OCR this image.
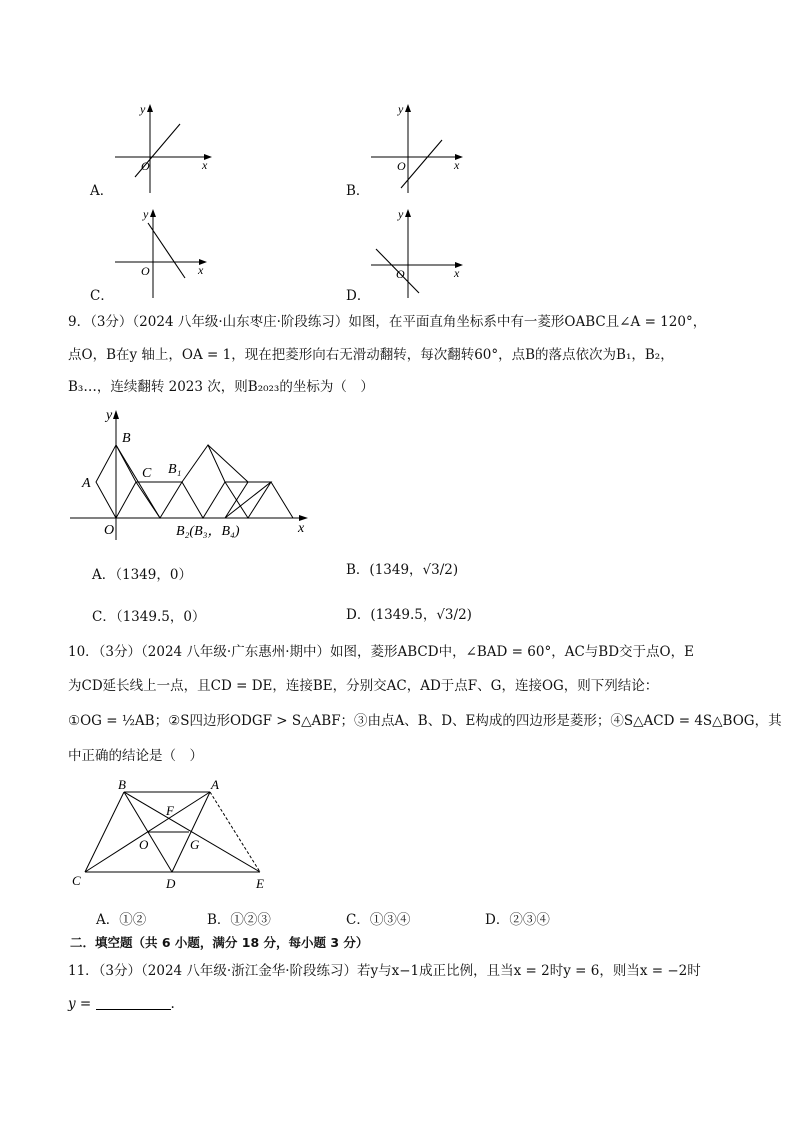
A．
y
x
O
B．
y
x
O
C．
y
x
O
D．
y
x
O
9．（3分）（2024 八年级·山东枣庄·阶段练习）如图，在平面直角坐标系中有一菱形OABC且∠A = 120°，
点O，B在y 轴上，OA = 1，现在把菱形向右无滑动翻转，每次翻转60°，点B的落点依次为B₁，B₂，
B₃…，连续翻转 2023 次，则B₂₀₂₃的坐标为（　）
y
x
B
A
C B₁
O	B₂(B₃，B₄)
A．（1349，0）	B．(1349，√3/2)
C．（1349.5，0）	D．(1349.5，√3/2)
10．（3分）（2024 八年级·广东惠州·期中）如图，菱形ABCD中，∠BAD = 60°，AC与BD交于点O，E
为CD延长线上一点，且CD = DE，连接BE，分别交AC，AD于点F、G，连接OG，则下列结论：
①OG = ½AB；②S四边形ODGF > S△ABF；③由点A、B、D、E构成的四边形是菱形；④S△ACD = 4S△BOG，其
中正确的结论是（　）
B	A
F
O	G
C	D	E
A．①②	B．①②③	C．①③④	D．②③④
二．填空题（共 6 小题，满分 18 分，每小题 3 分）
11．（3分）（2024 八年级·浙江金华·阶段练习）若y与x−1成正比例，且当x = 2时y = 6，则当x = −2时
y =	.
